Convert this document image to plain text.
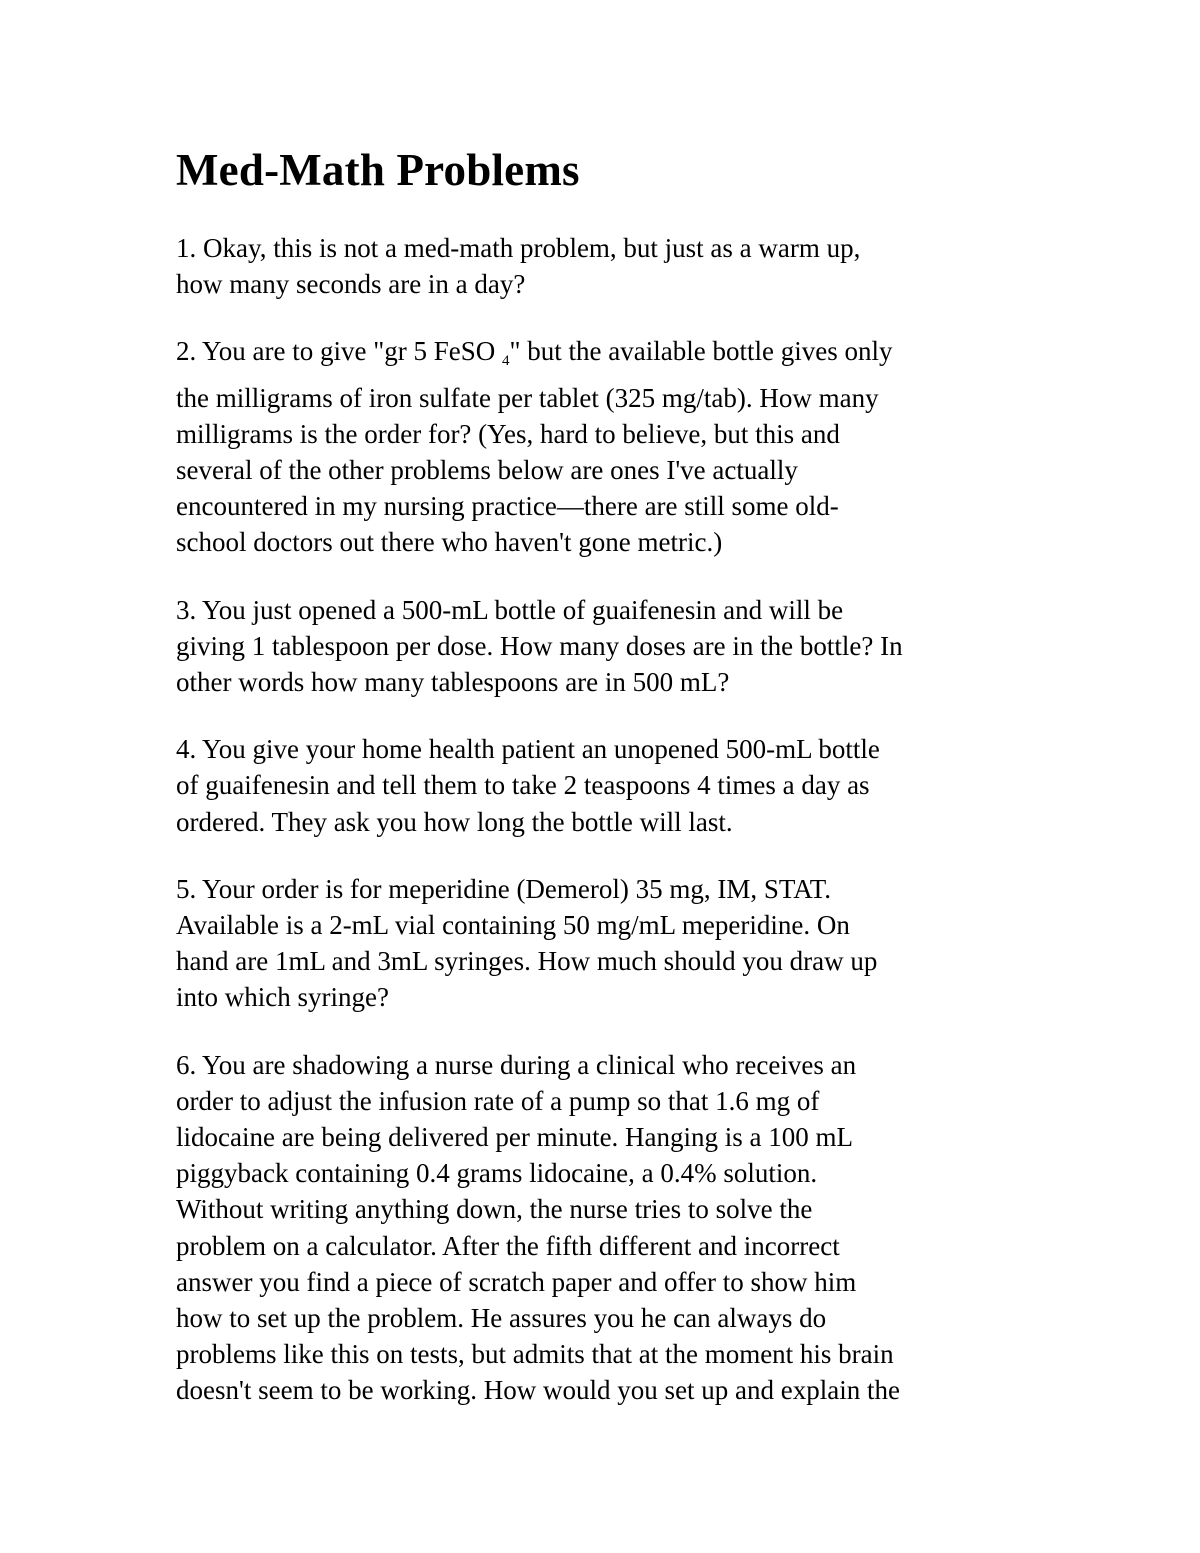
Med-Math Problems
1. Okay, this is not a med-math problem, but just as a warm up,
how many seconds are in a day?
2. You are to give "gr 5 FeSO $_4$" but the available bottle gives only
the milligrams of iron sulfate per tablet (325 mg/tab). How many
milligrams is the order for? (Yes, hard to believe, but this and
several of the other problems below are ones I've actually
encountered in my nursing practice—there are still some old-
school doctors out there who haven't gone metric.)
3. You just opened a 500-mL bottle of guaifenesin and will be
giving 1 tablespoon per dose. How many doses are in the bottle? In
other words how many tablespoons are in 500 mL?
4. You give your home health patient an unopened 500-mL bottle
of guaifenesin and tell them to take 2 teaspoons 4 times a day as
ordered. They ask you how long the bottle will last.
5. Your order is for meperidine (Demerol) 35 mg, IM, STAT.
Available is a 2-mL vial containing 50 mg/mL meperidine. On
hand are 1mL and 3mL syringes. How much should you draw up
into which syringe?
6. You are shadowing a nurse during a clinical who receives an
order to adjust the infusion rate of a pump so that 1.6 mg of
lidocaine are being delivered per minute. Hanging is a 100 mL
piggyback containing 0.4 grams lidocaine, a 0.4% solution.
Without writing anything down, the nurse tries to solve the
problem on a calculator. After the fifth different and incorrect
answer you find a piece of scratch paper and offer to show him
how to set up the problem. He assures you he can always do
problems like this on tests, but admits that at the moment his brain
doesn't seem to be working. How would you set up and explain the
